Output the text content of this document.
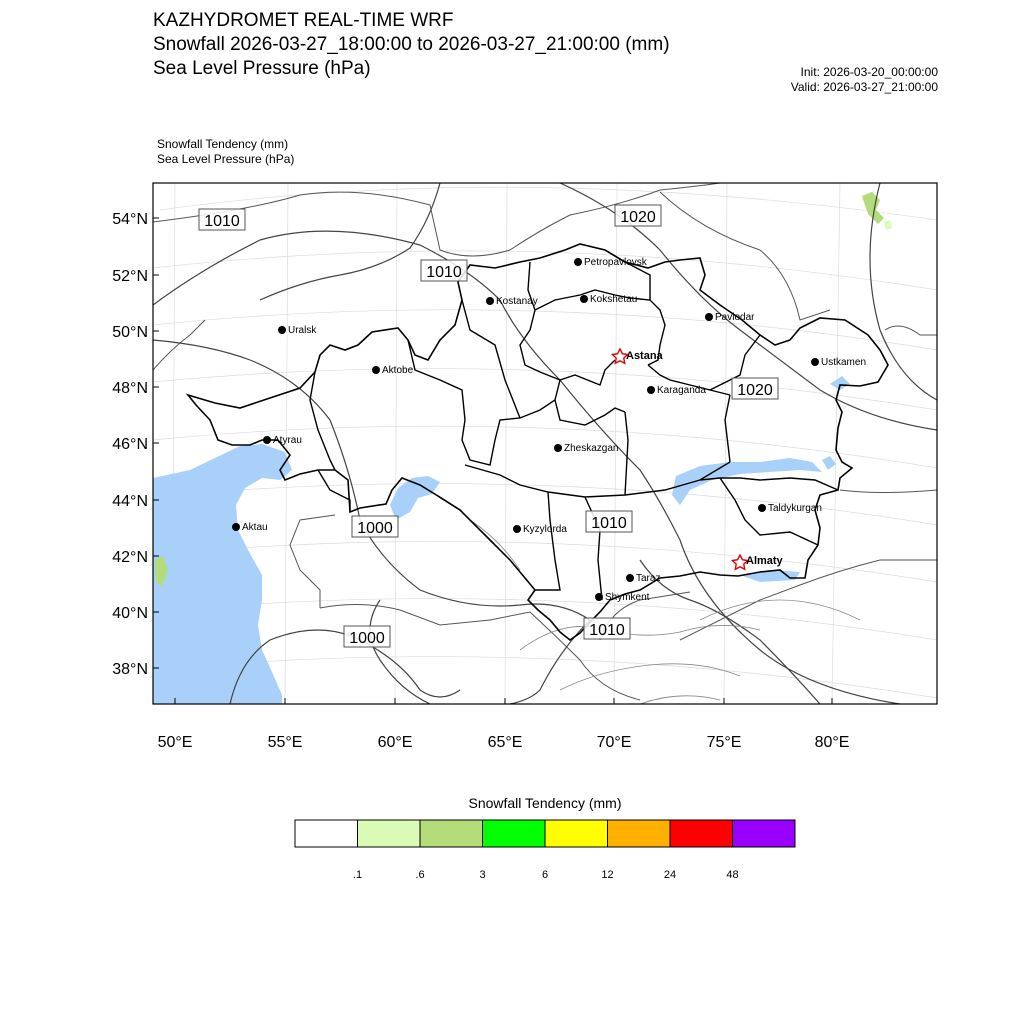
KAZHYDROMET REAL-TIME WRF
Snowfall 2026-03-27_18:00:00 to 2026-03-27_21:00:00 (mm)
Sea Level Pressure (hPa)	Init: 2026-03-20_00:00:00
Valid: 2026-03-27_21:00:00
Snowfall Tendency (mm)
Sea Level Pressure (hPa)
54°N
52°N
50°N
48°N
46°N
44°N
42°N
40°N
38°N
50°E	55°E	60°E	65°E	70°E	75°E	80°E
1010	1020
1010
1020
1000	1010
1000	1010
Petropavlovsk
Kostanay	Kokshetau
Pavlodar
Uralsk
Astana
Aktobe
Ustkamen
Karaganda
Atyrau
Zheskazgan
Aktau	Kyzylorda
Taldykurgan
Almaty
Taraz
Shymkent
Snowfall Tendency (mm)
.1	.6	3	6	12	24	48
